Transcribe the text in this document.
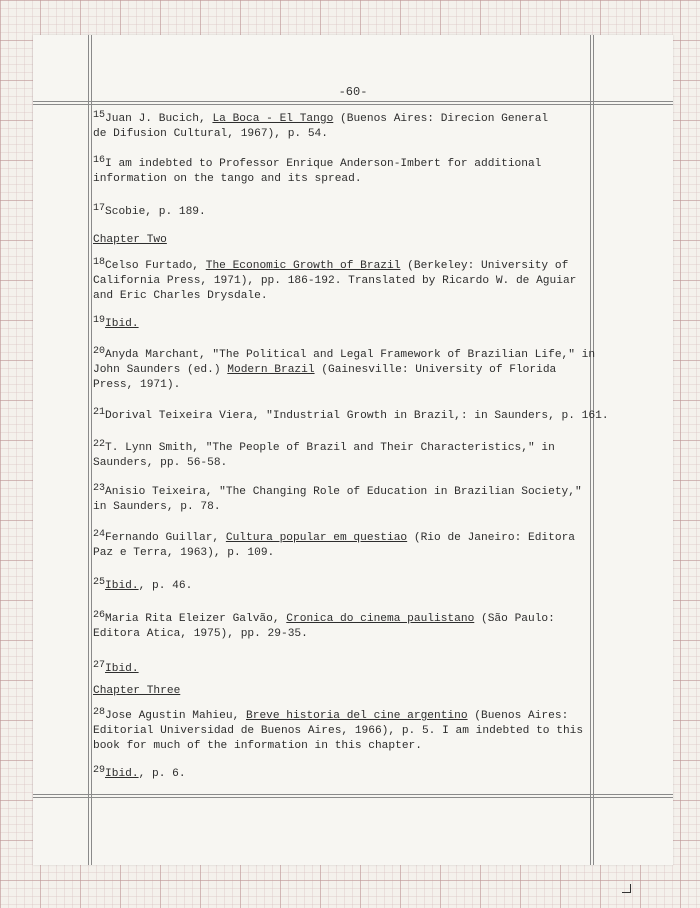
-60-
$^{15}$Juan J. Bucich, La Boca - El Tango (Buenos Aires: Direcion General
de Difusion Cultural, 1967), p. 54.
$^{16}$I am indebted to Professor Enrique Anderson-Imbert for additional
information on the tango and its spread.
$^{17}$Scobie, p. 189.
Chapter Two
$^{18}$Celso Furtado, The Economic Growth of Brazil (Berkeley: University of
California Press, 1971), pp. 186-192. Translated by Ricardo W. de Aguiar
and Eric Charles Drysdale.
$^{19}$Ibid.
$^{20}$Anyda Marchant, "The Political and Legal Framework of Brazilian Life," in
John Saunders (ed.) Modern Brazil (Gainesville: University of Florida
Press, 1971).
$^{21}$Dorival Teixeira Viera, "Industrial Growth in Brazil,: in Saunders, p. 161.
$^{22}$T. Lynn Smith, "The People of Brazil and Their Characteristics," in
Saunders, pp. 56-58.
$^{23}$Anisio Teixeira, "The Changing Role of Education in Brazilian Society,"
in Saunders, p. 78.
$^{24}$Fernando Guillar, Cultura popular em questiao (Rio de Janeiro: Editora
Paz e Terra, 1963), p. 109.
$^{25}$Ibid., p. 46.
$^{26}$Maria Rita Eleizer Galvão, Cronica do cinema paulistano (São Paulo:
Editora Atica, 1975), pp. 29-35.
$^{27}$Ibid.
Chapter Three
$^{28}$Jose Agustin Mahieu, Breve historia del cine argentino (Buenos Aires:
Editorial Universidad de Buenos Aires, 1966), p. 5. I am indebted to this
book for much of the information in this chapter.
$^{29}$Ibid., p. 6.
